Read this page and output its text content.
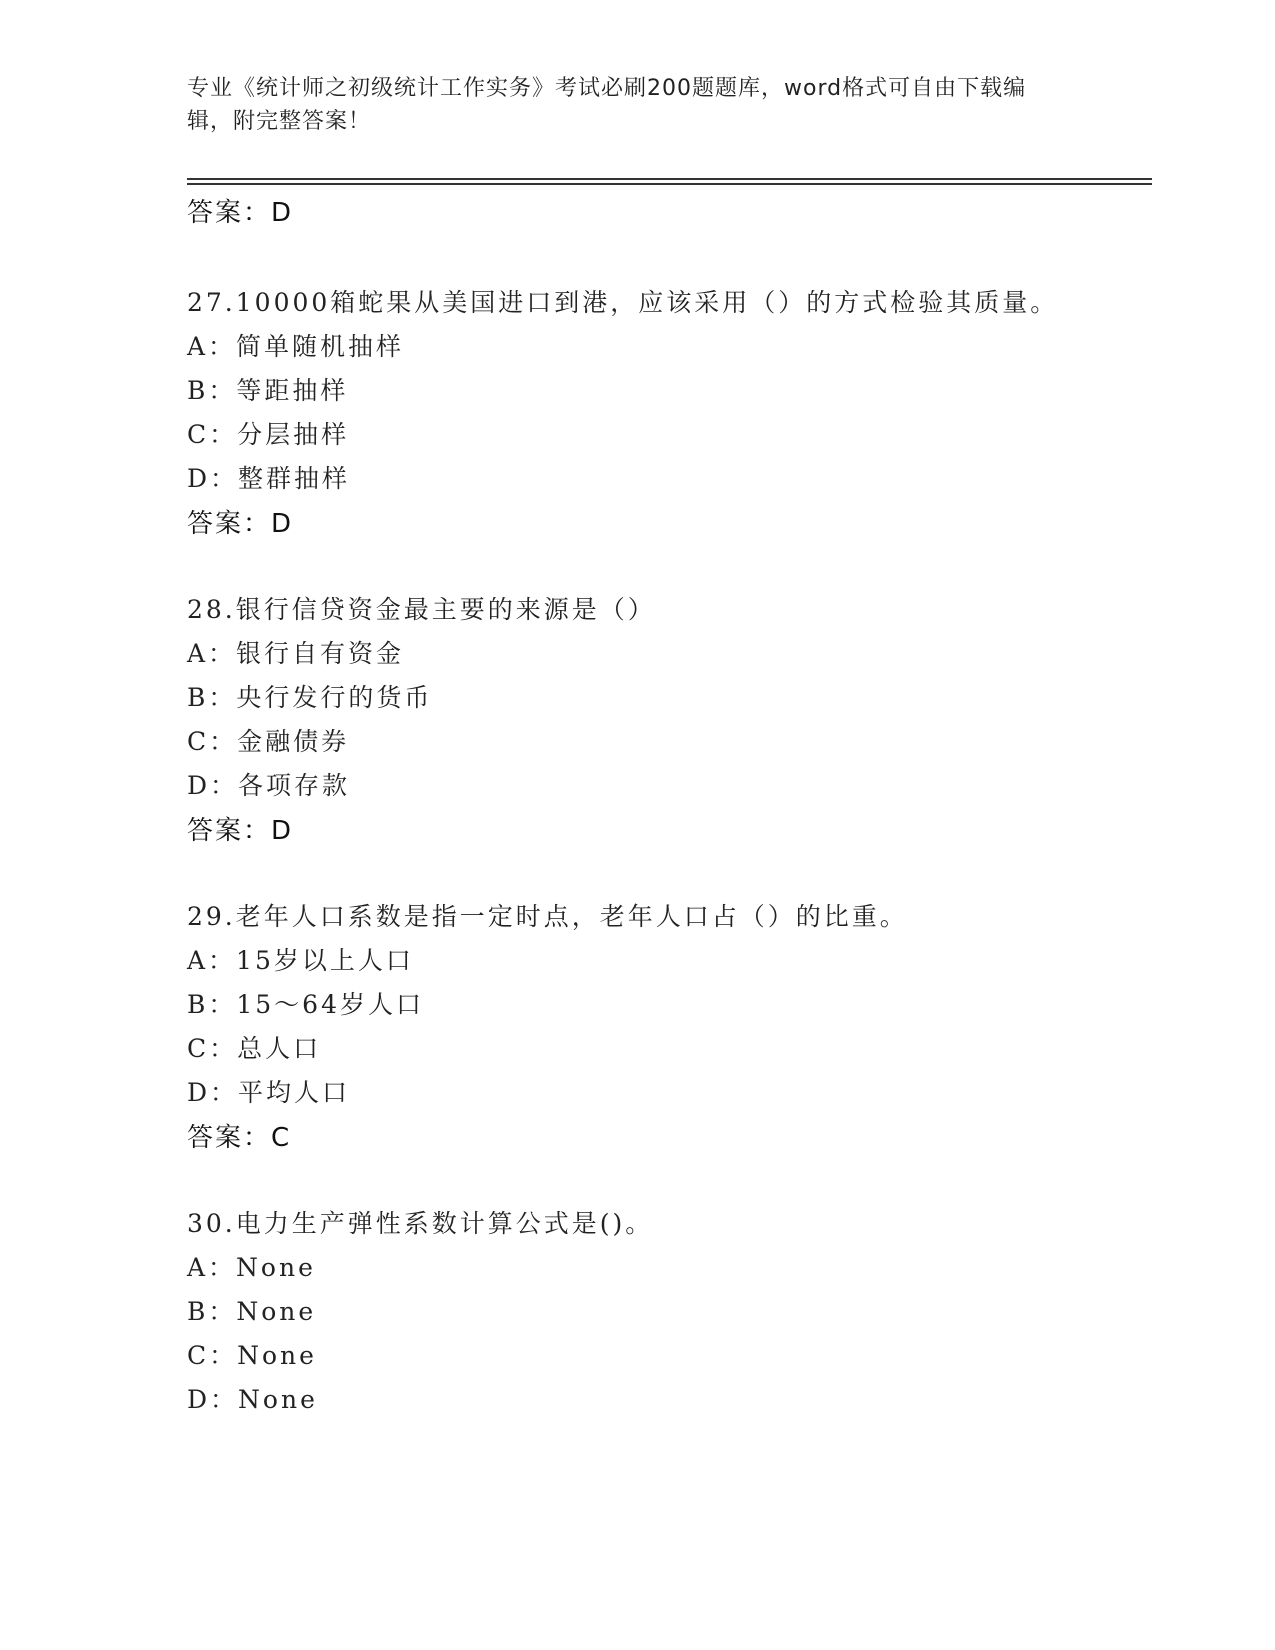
专业《统计师之初级统计工作实务》考试必刷200题题库，word格式可自由下载编辑，附完整答案！
答案：D
27.10000箱蛇果从美国进口到港，应该采用（）的方式检验其质量。
A：简单随机抽样
B：等距抽样
C：分层抽样
D：整群抽样
答案：D
28.银行信贷资金最主要的来源是（）
A：银行自有资金
B：央行发行的货币
C：金融债券
D：各项存款
答案：D
29.老年人口系数是指一定时点，老年人口占（）的比重。
A：15岁以上人口
B：15～64岁人口
C：总人口
D：平均人口
答案：C
30.电力生产弹性系数计算公式是()。
A：None
B：None
C：None
D：None
